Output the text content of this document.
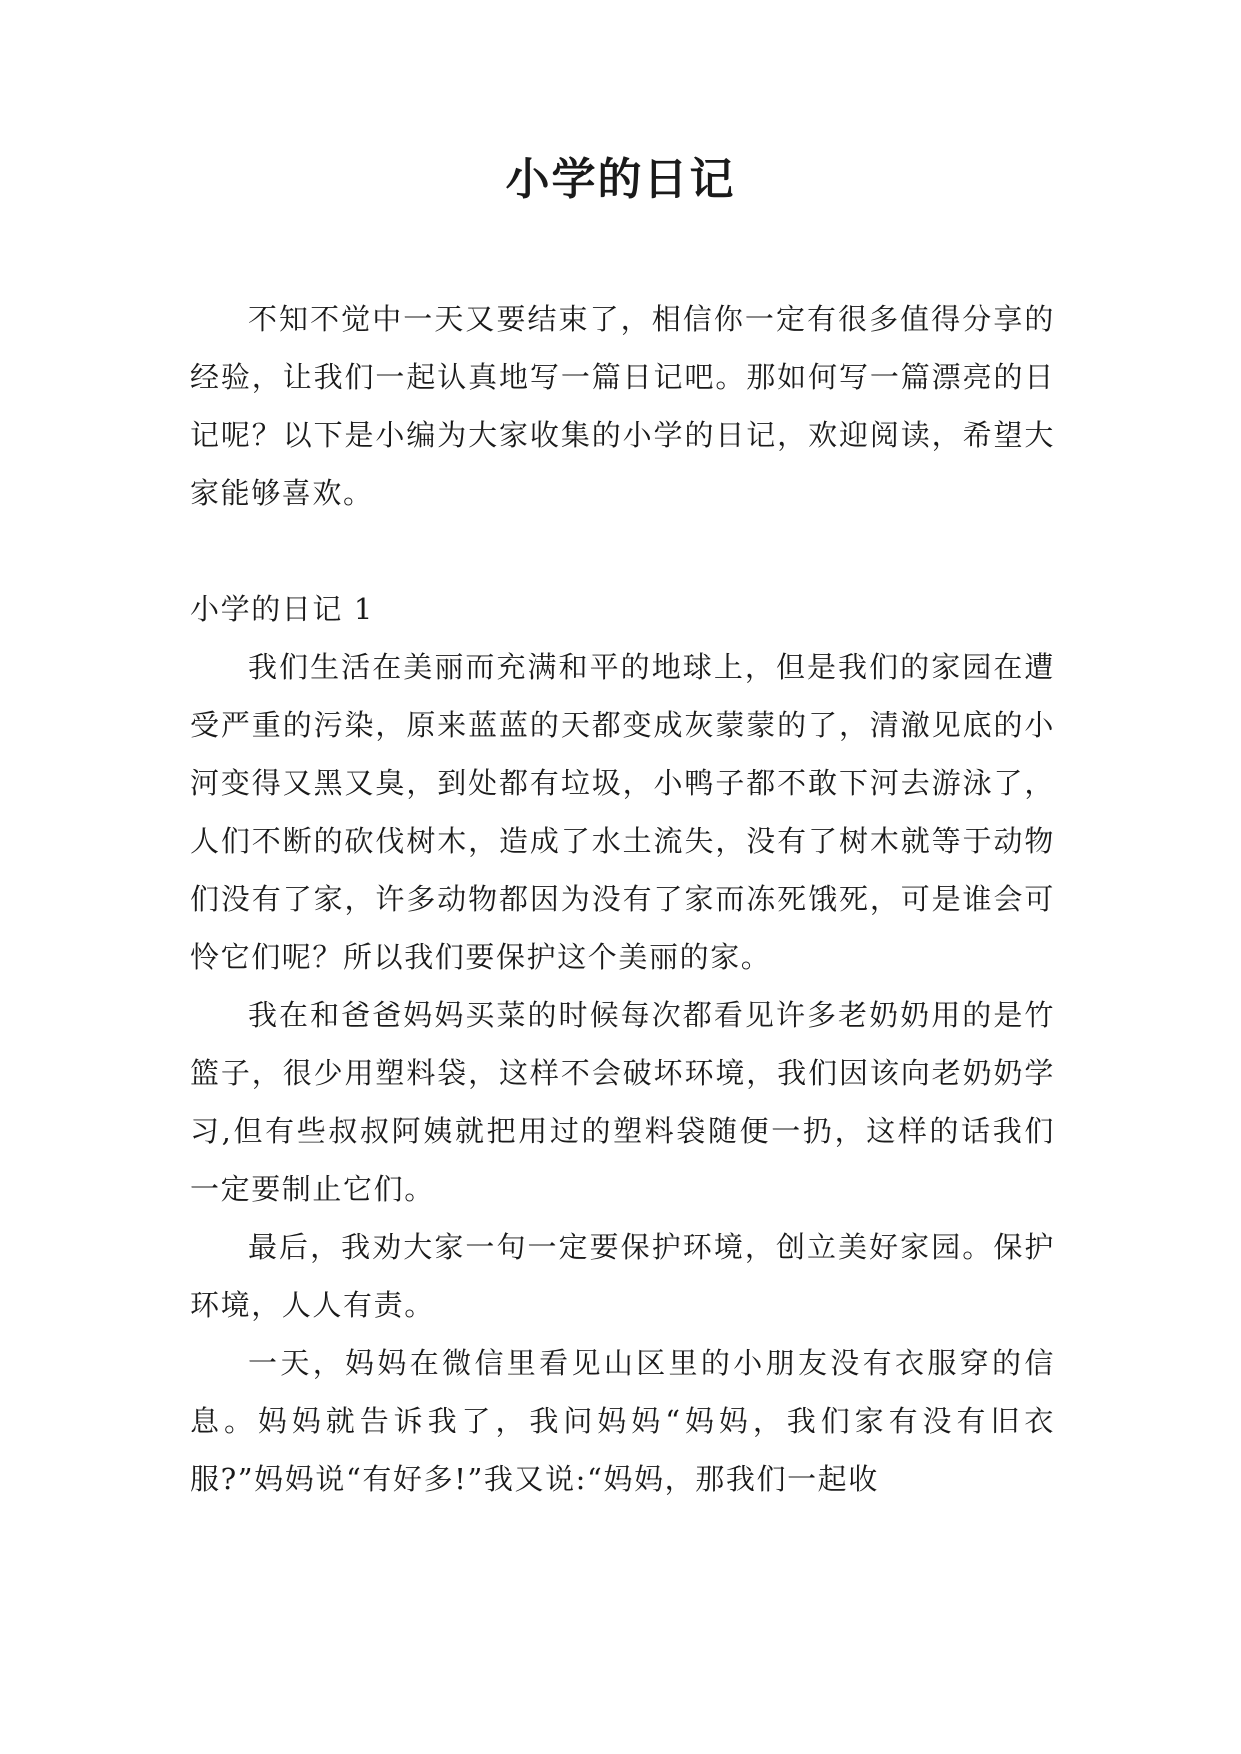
小学的日记

不知不觉中一天又要结束了，相信你一定有很多值得分享的经验，让我们一起认真地写一篇日记吧。那如何写一篇漂亮的日记呢？以下是小编为大家收集的小学的日记，欢迎阅读，希望大家能够喜欢。

小学的日记 1

我们生活在美丽而充满和平的地球上，但是我们的家园在遭受严重的污染，原来蓝蓝的天都变成灰蒙蒙的了，清澈见底的小河变得又黑又臭，到处都有垃圾，小鸭子都不敢下河去游泳了，人们不断的砍伐树木，造成了水土流失，没有了树木就等于动物们没有了家，许多动物都因为没有了家而冻死饿死，可是谁会可怜它们呢？所以我们要保护这个美丽的家。

我在和爸爸妈妈买菜的时候每次都看见许多老奶奶用的是竹篮子，很少用塑料袋，这样不会破坏环境，我们因该向老奶奶学习,但有些叔叔阿姨就把用过的塑料袋随便一扔，这样的话我们一定要制止它们。

最后，我劝大家一句一定要保护环境，创立美好家园。保护环境，人人有责。

一天，妈妈在微信里看见山区里的小朋友没有衣服穿的信息。妈妈就告诉我了，我问妈妈“妈妈，我们家有没有旧衣服?”妈妈说“有好多!”我又说:“妈妈，那我们一起收
